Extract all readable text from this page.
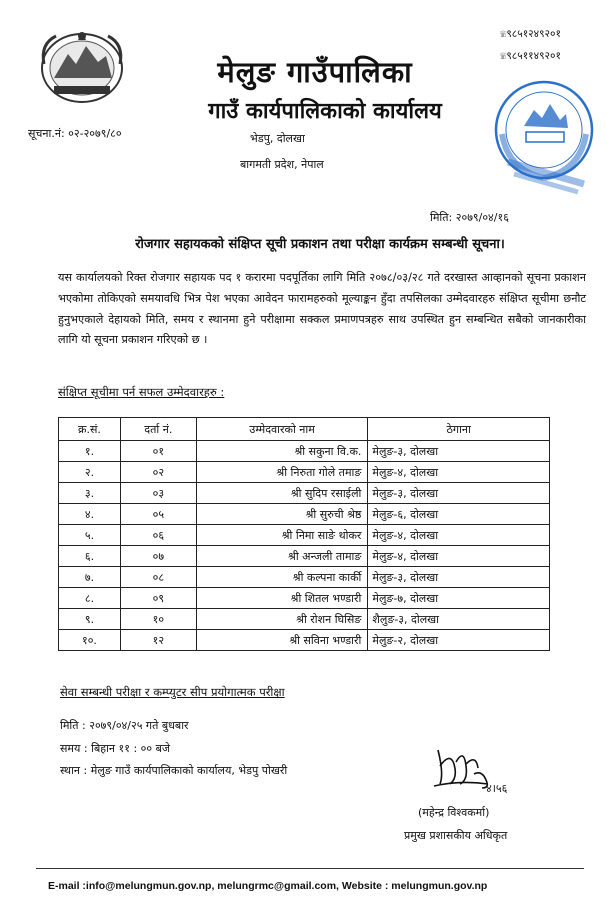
मेलुङ गाउँपालिका
गाउँ कार्यपालिकाको कार्यालय
भेडपु, दोलखा
बागमती प्रदेश, नेपाल
सूचना.नं: ०२-२०७९/८०
☏९८५१२४९२०१
☏९८५११४९२०१
मिति: २०७९/०४/१६
रोजगार सहायकको संक्षिप्त सूची प्रकाशन तथा परीक्षा कार्यक्रम सम्बन्धी सूचना।
यस कार्यालयको रिक्त रोजगार सहायक पद १ करारमा पदपूर्तिका लागि मिति २०७८/०३/२८ गते दरखास्त आव्हानको सूचना प्रकाशन भएकोमा तोकिएको समयावधि भित्र पेश भएका आवेदन फारामहरुको मूल्याङ्कन हुँदा तपसिलका उम्मेदवारहरु संक्षिप्त सूचीमा छनौट हुनुभएकाले देहायको मिति, समय र स्थानमा हुने परीक्षामा सक्कल प्रमाणपत्रहरु साथ उपस्थित हुन सम्बन्धित सबैको जानकारीका लागि यो सूचना प्रकाशन गरिएको छ ।
संक्षिप्त सूचीमा पर्न सफल उम्मेदवारहरु :
क्र.सं.	दर्ता नं.	उम्मेदवारको नाम	ठेगाना
१.	०१	श्री सकुना वि.क.	मेलुङ-३, दोलखा
२.	०२	श्री निरुता गोले तमाङ	मेलुङ-४, दोलखा
३.	०३	श्री सुदिप रसाईली	मेलुङ-३, दोलखा
४.	०५	श्री सुरुची श्रेष्ठ	मेलुङ-६, दोलखा
५.	०६	श्री निमा साङे थोकर	मेलुङ-४, दोलखा
६.	०७	श्री अन्जली तामाङ	मेलुङ-४, दोलखा
७.	०८	श्री कल्पना कार्की	मेलुङ-३, दोलखा
८.	०९	श्री शितल भण्डारी	मेलुङ-७, दोलखा
९.	१०	श्री रोशन घिसिङ	शैलुङ-३, दोलखा
१०.	१२	श्री सविना भण्डारी	मेलुङ-२, दोलखा
सेवा सम्बन्धी परीक्षा र कम्प्युटर सीप प्रयोगात्मक परीक्षा
मिति : २०७९/०४/२५ गते बुधबार
समय : बिहान ११ : ०० बजे
स्थान : मेलुङ गाउँ कार्यपालिकाको कार्यालय, भेडपु पोखरी
४।५६
(महेन्द्र विश्वकर्मा)
प्रमुख प्रशासकीय अधिकृत
E-mail :info@melungmun.gov.np, melungrmc@gmail.com, Website : melungmun.gov.np
